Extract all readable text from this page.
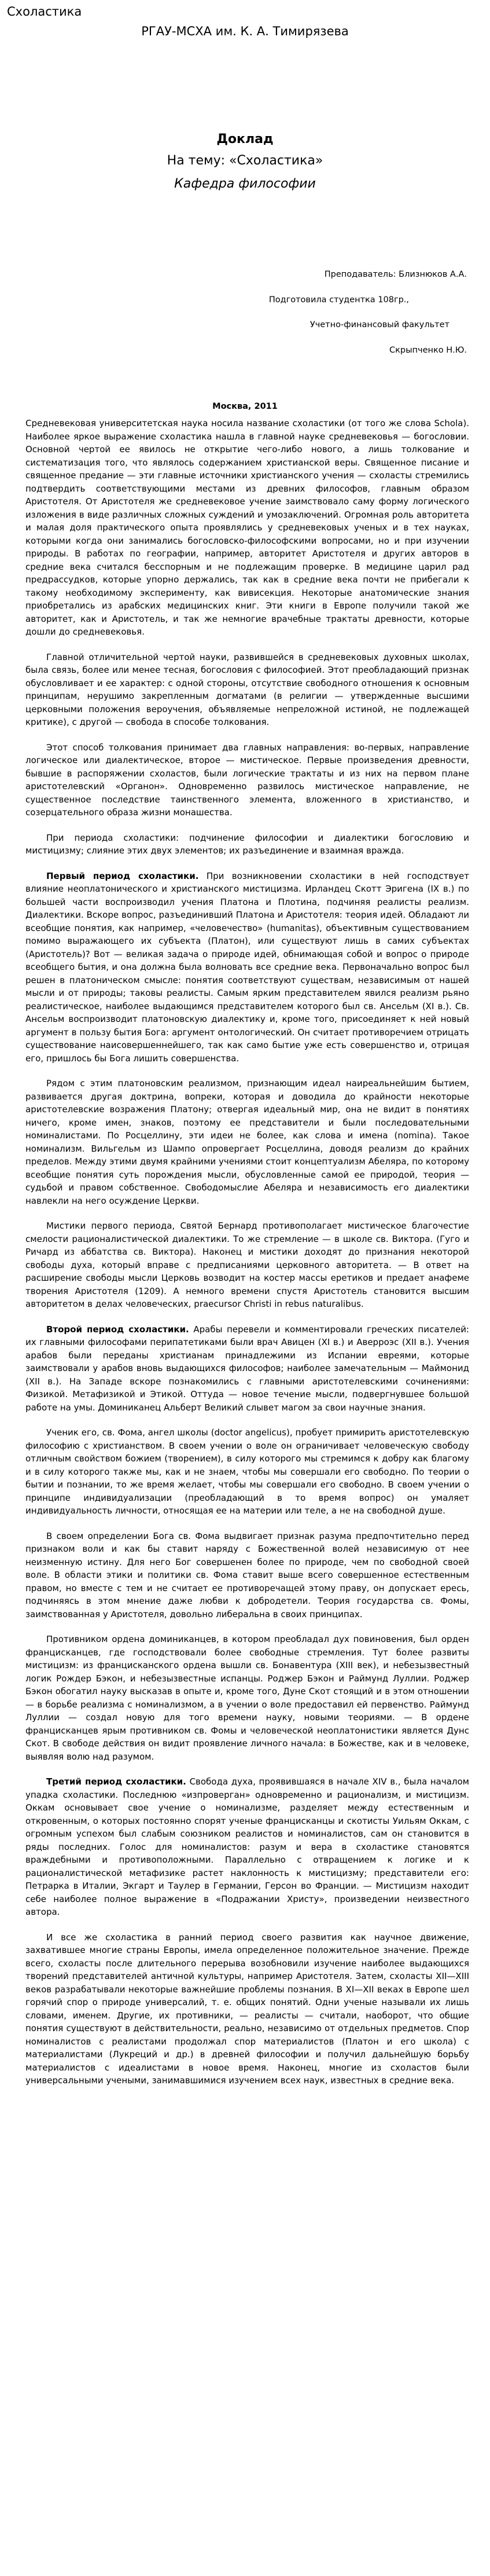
Схоластика
РГАУ-МСХА им. К. А. Тимирязева
Доклад
На тему: «Схоластика»
Кафедра философии
Преподаватель: Близнюков А.А.
Подготовила студентка 108гр.,
Учетно-финансовый факультет
Скрыпченко Н.Ю.
Москва, 2011

Средневековая университетская наука носила название схоластики (от того же слова Schola). Наиболее яркое выражение схоластика нашла в главной науке средневековья — богословии. Основной чертой ее явилось не открытие чего-либо нового, а лишь толкование и систематизация того, что являлось содержанием христианской веры. Священное писание и священное предание — эти главные источники христианского учения — схоласты стремились подтвердить соответствующими местами из древних философов, главным образом Аристотеля. От Аристотеля же средневековое учение заимствовало саму форму логического изложения в виде различных сложных суждений и умозаключений. Огромная роль авторитета и малая доля практического опыта проявлялись у средневековых ученых и в тех науках, которыми когда они занимались богословско-философскими вопросами, но и при изучении природы. В работах по географии, например, авторитет Аристотеля и других авторов в средние века считался бесспорным и не подлежащим проверке. В медицине царил рад предрассудков, которые упорно держались, так как в средние века почти не прибегали к такому необходимому эксперименту, как вивисекция. Некоторые анатомические знания приобретались из арабских медицинских книг. Эти книги в Европе получили такой же авторитет, как и Аристотель, и так же немногие врачебные трактаты древности, которые дошли до средневековья.

Главной отличительной чертой науки, развившейся в средневековых духовных школах, была связь, более или менее тесная, богословия с философией. Этот преобладающий признак обусловливает и ее характер: с одной стороны, отсутствие свободного отношения к основным принципам, нерушимо закрепленным догматами (в религии — утвержденные высшими церковными положения вероучения, объявляемые непреложной истиной, не подлежащей критике), с другой — свобода в способе толкования.

Этот способ толкования принимает два главных направления: во-первых, направление логическое или диалектическое, второе — мистическое. Первые произведения древности, бывшие в распоряжении схоластов, были логические трактаты и из них на первом плане аристотелевский «Органон». Одновременно развилось мистическое направление, не существенное последствие таинственного элемента, вложенного в христианство, и созерцательного образа жизни монашества.

При периода схоластики: подчинение философии и диалектики богословию и мистицизму; слияние этих двух элементов; их разъединение и взаимная вражда.

Первый период схоластики. При возникновении схоластики в ней господствует влияние неоплатонического и христианского мистицизма. Ирландец Скотт Эригена (IX в.) по большей части воспроизводил учения Платона и Плотина, подчиняя реалисты реализм. Диалектики. Вскоре вопрос, разъединивший Платона и Аристотеля: теория идей. Обладают ли всеобщие понятия, как например, «человечество» (humanitas), объективным существованием помимо выражающего их субъекта (Платон), или существуют лишь в самих субъектах (Аристотель)? Вот — великая задача о природе идей, обнимающая собой и вопрос о природе всеобщего бытия, и она должна была волновать все средние века. Первоначально вопрос был решен в платоническом смысле: понятия соответствуют существам, независимым от нашей мысли и от природы; таковы реалисты. Самым ярким представителем явился реализм рьяно реалистическое, наиболее выдающимся представителем которого был св. Ансельм (XI в.). Св. Ансельм воспроизводит платоновскую диалектику и, кроме того, присоединяет к ней новый аргумент в пользу бытия Бога: аргумент онтологический. Он считает противоречием отрицать существование наисовершеннейшего, так как само бытие уже есть совершенство и, отрицая его, пришлось бы Бога лишить совершенства.

Рядом с этим платоновским реализмом, признающим идеал наиреальнейшим бытием, развивается другая доктрина, вопреки, которая и доводила до крайности некоторые аристотелевские возражения Платону; отвергая идеальный мир, она не видит в понятиях ничего, кроме имен, знаков, поэтому ее представители и были последовательными номиналистами. По Росцеллину, эти идеи не более, как слова и имена (nomina). Такое номинализм. Вильгельм из Шампо опровергает Росцеллина, доводя реализм до крайних пределов. Между этими двумя крайними учениями стоит концептуализм Абеляра, по которому всеобщие понятия суть порождения мысли, обусловленные самой ее природой, теория — судьбой и правом собственное. Свободомыслие Абеляра и независимость его диалектики навлекли на него осуждение Церкви.

Мистики первого периода, Святой Бернард противополагает мистическое благочестие смелости рационалистической диалектики. То же стремление — в школе св. Виктора. (Гуго и Ричард из аббатства св. Виктора). Наконец и мистики доходят до признания некоторой свободы духа, который вправе с предписаниями церковного авторитета. — В ответ на расширение свободы мысли Церковь возводит на костер массы еретиков и предает анафеме творения Аристотеля (1209). А немного времени спустя Аристотель становится высшим авторитетом в делах человеческих, praecursor Christi in rebus naturalibus.

Второй период схоластики. Арабы перевели и комментировали греческих писателей: их главными философами перипатетиками были врач Авицен (XI в.) и Аверроэс (XII в.). Учения арабов были переданы христианам принадлежими из Испании евреями, которые заимствовали у арабов вновь выдающихся философов; наиболее замечательным — Маймонид (XII в.). На Западе вскоре познакомились с главными аристотелевскими сочинениями: Физикой. Метафизикой и Этикой. Оттуда — новое течение мысли, подвергнувшее большой работе на умы. Доминиканец Альберт Великий слывет магом за свои научные знания.

Ученик его, св. Фома, ангел школы (doctor angelicus), пробует примирить аристотелевскую философию с христианством. В своем учении о воле он ограничивает человеческую свободу отличным свойством божием (творением), в силу которого мы стремимся к добру как благому и в силу которого также мы, как и не знаем, чтобы мы совершали его свободно. По теории о бытии и познании, то же время желает, чтобы мы совершали его свободно. В своем учении о принципе индивидуализации (преобладающий в то время вопрос) он умаляет индивидуальность личности, относящая ее на материи или теле, а не на свободной душе.

В своем определении Бога св. Фома выдвигает признак разума предпочтительно перед признаком воли и как бы ставит наряду с Божественной волей независимую от нее неизменную истину. Для него Бог совершенен более по природе, чем по свободной своей воле. В области этики и политики св. Фома ставит выше всего совершенное естественным правом, но вместе с тем и не считает ее противоречащей этому праву, он допускает ересь, подчиняясь в этом мнение даже любви к добродетели. Теория государства св. Фомы, заимствованная у Аристотеля, довольно либеральна в своих принципах.

Противником ордена доминиканцев, в котором преобладал дух повиновения, был орден францисканцев, где господствовали более свободные стремления. Тут более развиты мистицизм: из францисканского ордена вышли св. Бонавентура (XIII век), и небезызвестный логик Рождер Бэкон, и небезызвестные испанцы. Роджер Бэкон и Раймунд Луллии. Роджер Бэкон обогатил науку высказав в опыте и, кроме того, Дуне Скот стоящий и в этом отношении — в борьбе реализма с номинализмом, а в учении о воле предоставил ей первенство. Раймунд Луллии — создал новую для того времени науку, новыми теориями. — В ордене францисканцев ярым противником св. Фомы и человеческой неоплатонистики является Дунс Скот. В свободе действия он видит проявление личного начала: в Божестве, как и в человеке, выявляя волю над разумом.

Третий период схоластики. Свобода духа, проявившаяся в начале XIV в., была началом упадка схоластики. Последнюю «изпроверган» одновременно и рационализм, и мистицизм. Оккам основывает свое учение о номинализме, разделяет между естественным и откровенным, о которых постоянно спорят ученые францисканцы и скотисты Уильям Оккам, с огромным успехом был слабым союзником реалистов и номиналистов, сам он становится в ряды последних. Голос для номиналистов: разум и вера в схоластике становятся враждебными и противоположными. Параллельно с отвращением к логике и к рационалистической метафизике растет наклонность к мистицизму; представители его: Петрарка в Италии, Экгарт и Таулер в Германии, Герсон во Франции. — Мистицизм находит себе наиболее полное выражение в «Подражании Христу», произведении неизвестного автора.

И все же схоластика в ранний период своего развития как научное движение, захватившее многие страны Европы, имела определенное положительное значение. Прежде всего, схоласты после длительного перерыва возобновили изучение наиболее выдающихся творений представителей античной культуры, например Аристотеля. Затем, схоласты XII—XIII веков разрабатывали некоторые важнейшие проблемы познания. В XI—XII веках в Европе шел горячий спор о природе универсалий, т. е. общих понятий. Одни ученые называли их лишь словами, именем. Другие, их противники, — реалисты — считали, наоборот, что общие понятия существуют в действительности, реально, независимо от отдельных предметов. Спор номиналистов с реалистами продолжал спор материалистов (Платон и его школа) с материалистами (Лукреций и др.) в древней философии и получил дальнейшую борьбу материалистов с идеалистами в новое время. Наконец, многие из схоластов были универсальными учеными, занимавшимися изучением всех наук, известных в средние века.
